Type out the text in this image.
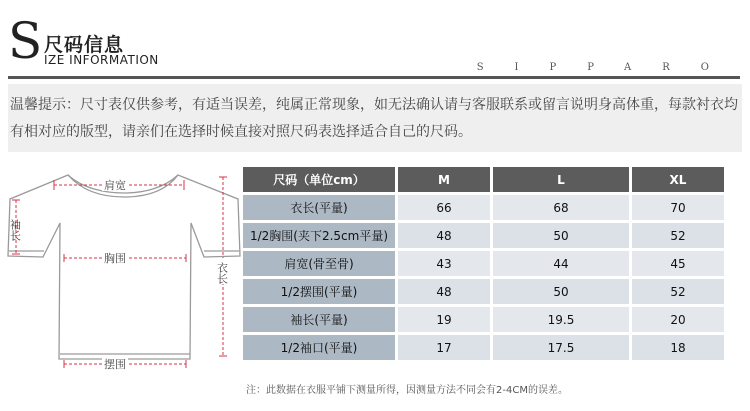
S 尺码信息
IZE INFORMATION
SIPPARO
温馨提示：尺寸表仅供参考，有适当误差，纯属正常现象，如无法确认请与客服联系或留言说明身高体重，每款衬衣均有相对应的版型，请亲们在选择时候直接对照尺码表选择适合自己的尺码。
肩宽
袖长
胸围
衣长
摆围
尺码（单位cm）	M	L	XL
衣长(平量)	66	68	70
1/2胸围(夹下2.5cm平量)	48	50	52
肩宽(骨至骨)	43	44	45
1/2摆围(平量)	48	50	52
袖长(平量)	19	19.5	20
1/2袖口(平量)	17	17.5	18
注：此数据在衣服平铺下测量所得，因测量方法不同会有2-4CM的误差。
